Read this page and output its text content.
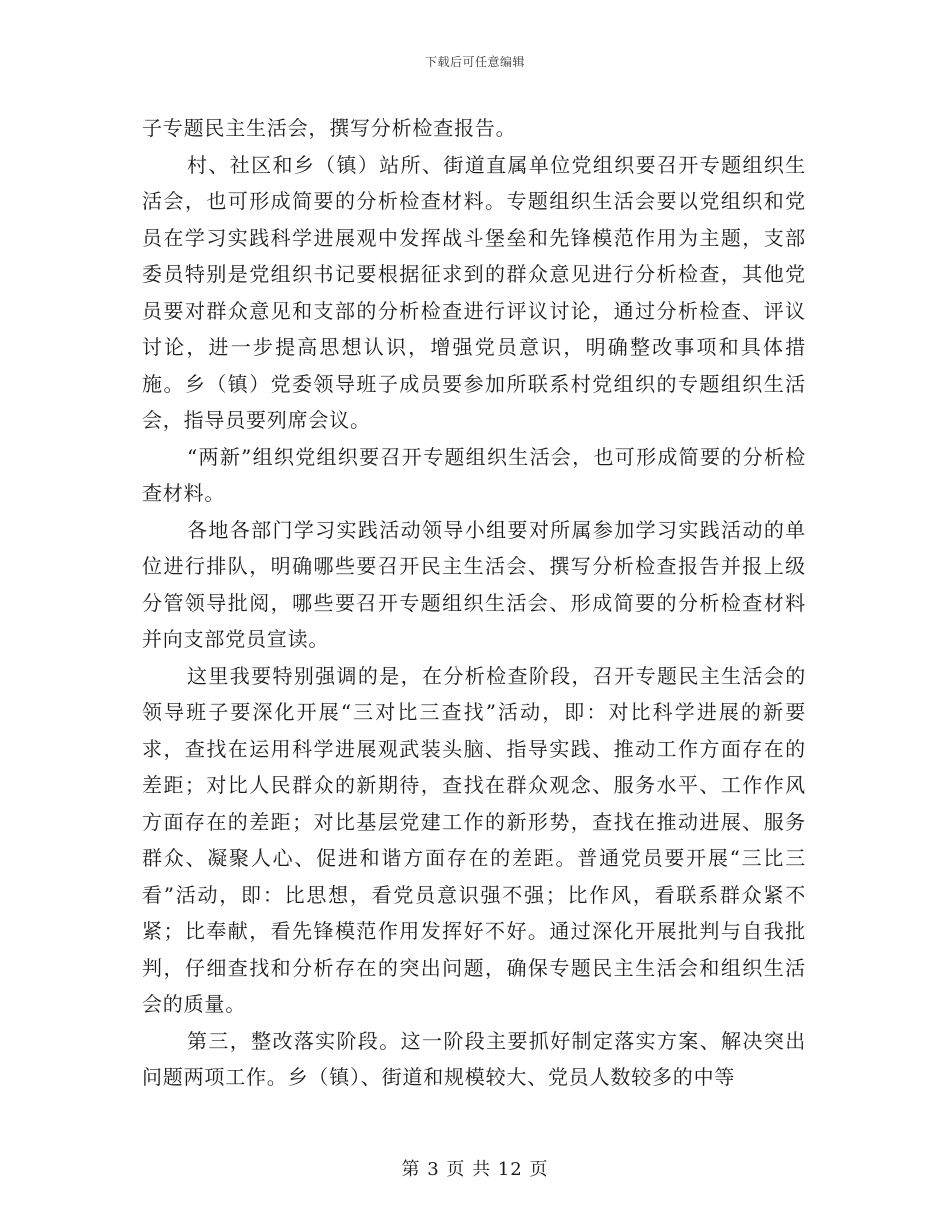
下载后可任意编辑

子专题民主生活会，撰写分析检查报告。

村、社区和乡（镇）站所、街道直属单位党组织要召开专题组织生活会，也可形成简要的分析检查材料。专题组织生活会要以党组织和党员在学习实践科学进展观中发挥战斗堡垒和先锋模范作用为主题，支部委员特别是党组织书记要根据征求到的群众意见进行分析检查，其他党员要对群众意见和支部的分析检查进行评议讨论，通过分析检查、评议讨论，进一步提高思想认识，增强党员意识，明确整改事项和具体措施。乡（镇）党委领导班子成员要参加所联系村党组织的专题组织生活会，指导员要列席会议。

“两新”组织党组织要召开专题组织生活会，也可形成简要的分析检查材料。

各地各部门学习实践活动领导小组要对所属参加学习实践活动的单位进行排队，明确哪些要召开民主生活会、撰写分析检查报告并报上级分管领导批阅，哪些要召开专题组织生活会、形成简要的分析检查材料并向支部党员宣读。

这里我要特别强调的是，在分析检查阶段，召开专题民主生活会的领导班子要深化开展“三对比三查找”活动，即：对比科学进展的新要求，查找在运用科学进展观武装头脑、指导实践、推动工作方面存在的差距；对比人民群众的新期待，查找在群众观念、服务水平、工作作风方面存在的差距；对比基层党建工作的新形势，查找在推动进展、服务群众、凝聚人心、促进和谐方面存在的差距。普通党员要开展“三比三看”活动，即：比思想，看党员意识强不强；比作风，看联系群众紧不紧；比奉献，看先锋模范作用发挥好不好。通过深化开展批判与自我批判，仔细查找和分析存在的突出问题，确保专题民主生活会和组织生活会的质量。

第三，整改落实阶段。这一阶段主要抓好制定落实方案、解决突出问题两项工作。乡（镇）、街道和规模较大、党员人数较多的中等

第 3 页 共 12 页
